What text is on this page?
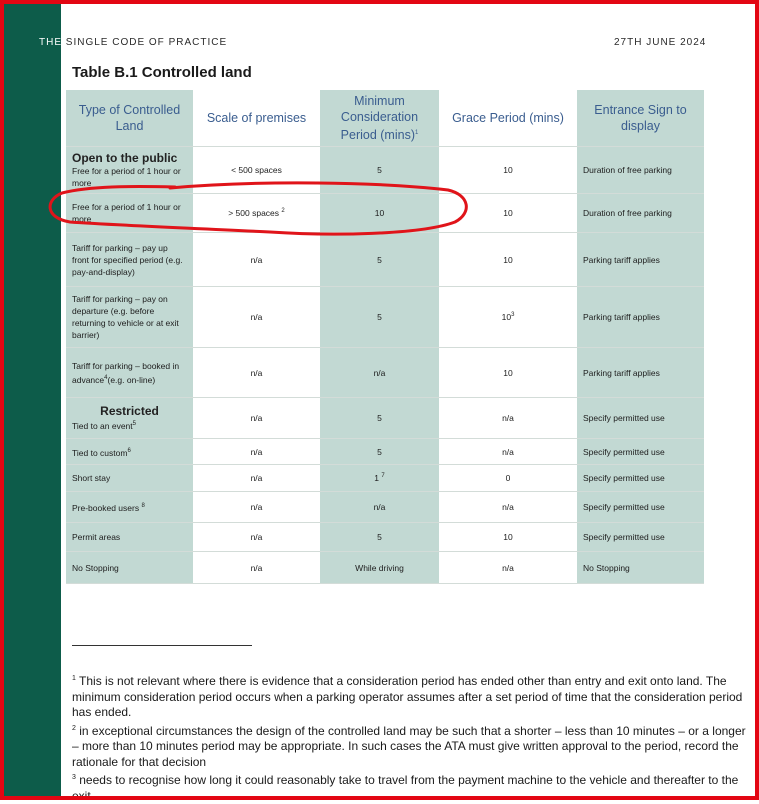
THE SINGLE CODE OF PRACTICE	27TH JUNE 2024
Table B.1 Controlled land
Type of Controlled Land	Scale of premises	Minimum Consideration Period $(\min s)^1$	Grace Period (mins)	Entrance Sign to display
Open to the public
Free for a period of 1 hour or more	< 500 spaces	5	10	Duration of free parking
Free for a period of 1 hour or more	> 500 spaces $^2$	10	10	Duration of free parking
Tariff for parking – pay up front for specified period (e.g. pay-and-display)	n/a	5	10	Parking tariff applies
Tariff for parking – pay on departure (e.g. before returning to vehicle or at exit barrier)	n/a	5	$10^3$	Parking tariff applies
Tariff for parking – booked in advance$^4$(e.g. on-line)	n/a	n/a	10	Parking tariff applies

Restricted
Tied to an event$^5$	n/a	5	n/a	Specify permitted use
Tied to custom$^6$	n/a	5	n/a	Specify permitted use
Short stay	n/a	1 $^7$	0	Specify permitted use
Pre-booked users $^8$	n/a	n/a	n/a	Specify permitted use
Permit areas	n/a	5	10	Specify permitted use
No Stopping	n/a	While driving	n/a	No Stopping

$^1$ This is not relevant where there is evidence that a consideration period has ended other than entry and exit onto land. The minimum consideration period occurs when a parking operator assumes after a set period of time that the consideration period has ended.

$^2$ in exceptional circumstances the design of the controlled land may be such that a shorter – less than 10 minutes – or a longer – more than 10 minutes period may be appropriate. In such cases the ATA must give written approval to the period, record the rationale for that decision

$^3$ needs to recognise how long it could reasonably take to travel from the payment machine to the vehicle and thereafter to the exit.
